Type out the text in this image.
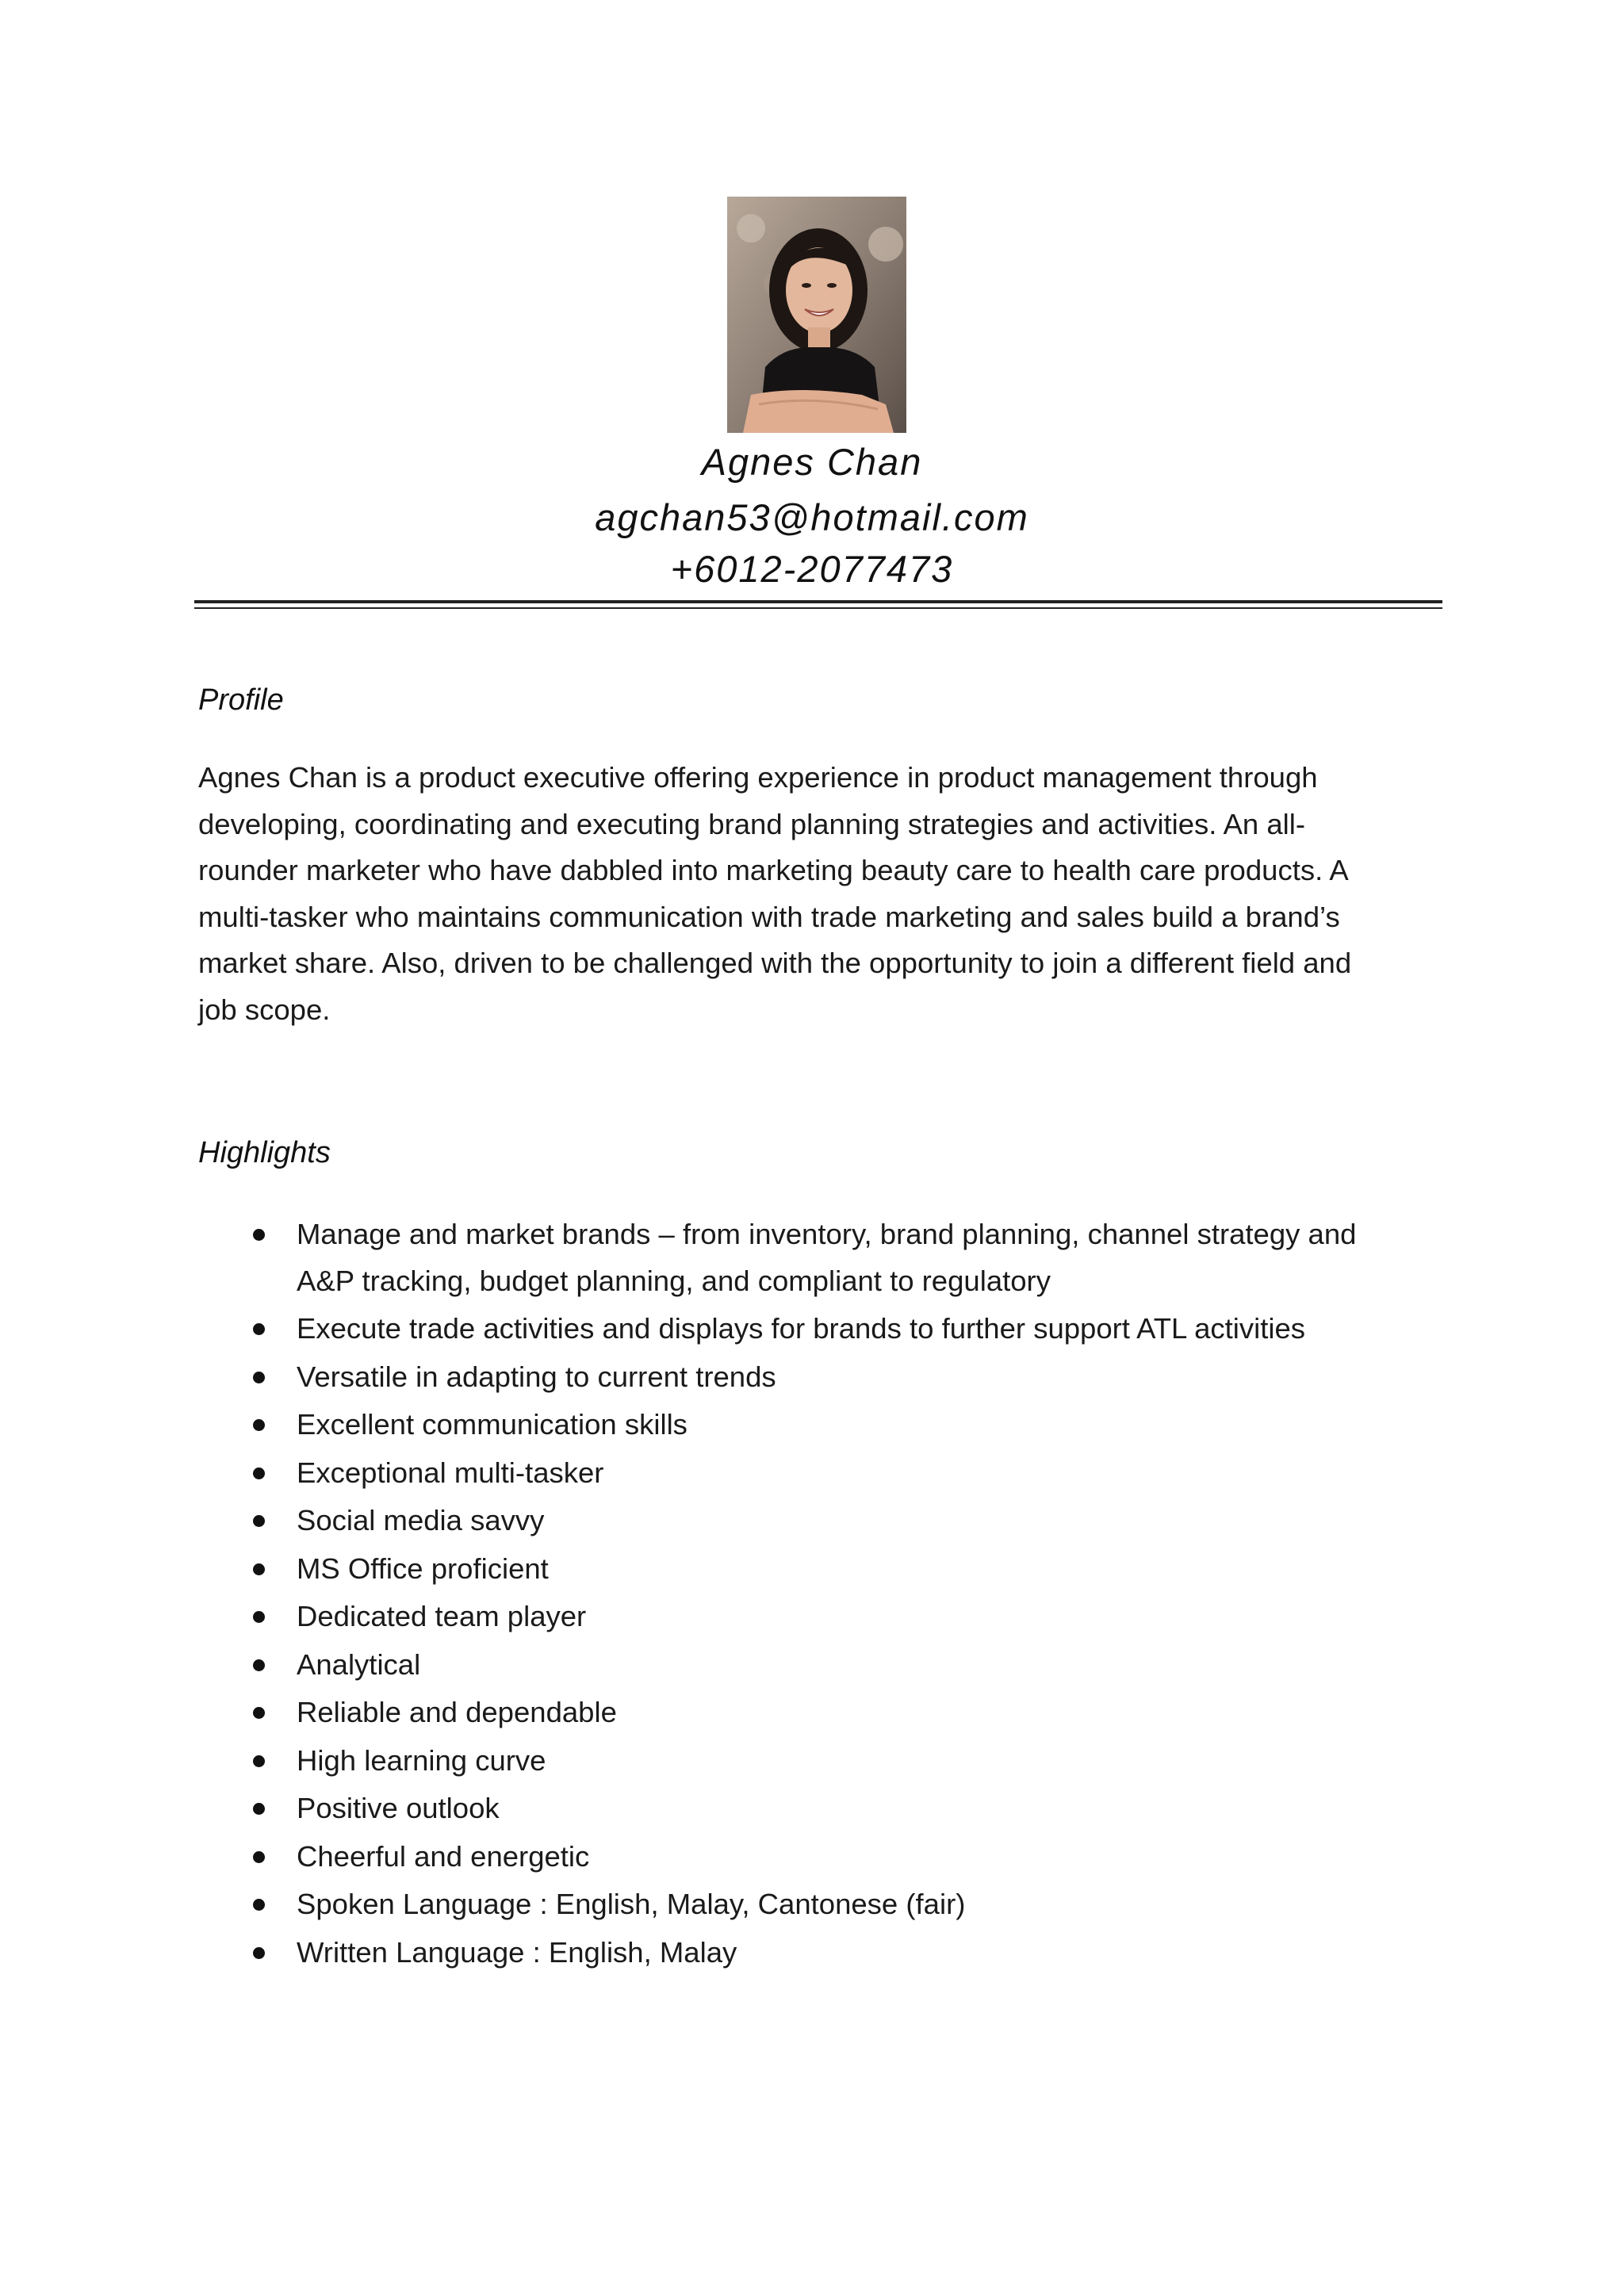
Agnes Chan
agchan53@hotmail.com
+6012-2077473
Profile
Agnes Chan is a product executive offering experience in product management through
developing, coordinating and executing brand planning strategies and activities. An all-
rounder marketer who have dabbled into marketing beauty care to health care products. A
multi-tasker who maintains communication with trade marketing and sales build a brand’s
market share. Also, driven to be challenged with the opportunity to join a different field and
job scope.
Highlights
Manage and market brands – from inventory, brand planning, channel strategy and
A&P tracking, budget planning, and compliant to regulatory
Execute trade activities and displays for brands to further support ATL activities
Versatile in adapting to current trends
Excellent communication skills
Exceptional multi-tasker
Social media savvy
MS Office proficient
Dedicated team player
Analytical
Reliable and dependable
High learning curve
Positive outlook
Cheerful and energetic
Spoken Language : English, Malay, Cantonese (fair)
Written Language : English, Malay
